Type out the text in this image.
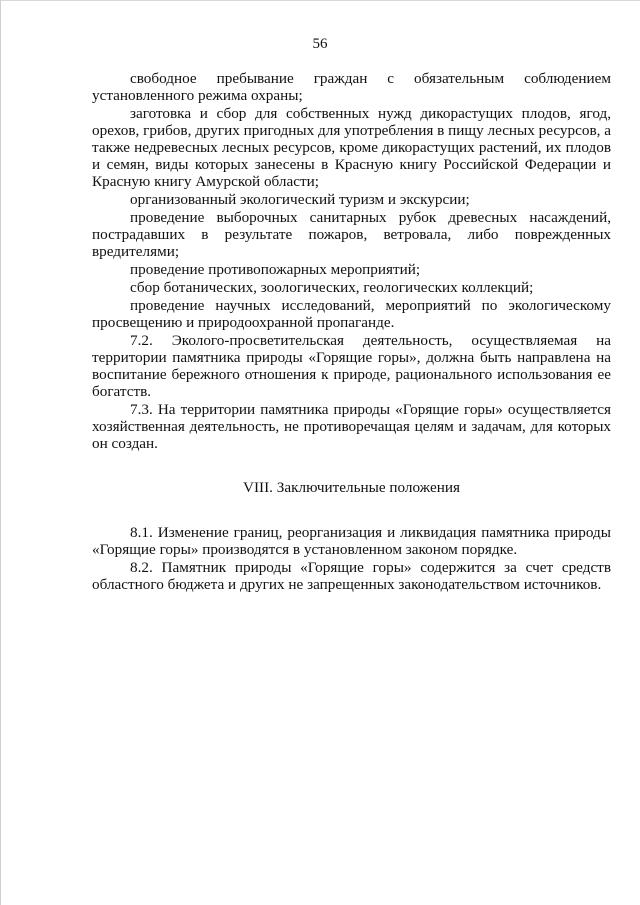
56

свободное пребывание граждан с обязательным соблюдением установленного режима охраны;

заготовка и сбор для собственных нужд дикорастущих плодов, ягод, орехов, грибов, других пригодных для употребления в пищу лесных ресурсов, а также недревесных лесных ресурсов, кроме дикорастущих растений, их плодов и семян, виды которых занесены в Красную книгу Российской Федерации и Красную книгу Амурской области;

организованный экологический туризм и экскурсии;

проведение выборочных санитарных рубок древесных насаждений, пострадавших в результате пожаров, ветровала, либо поврежденных вредителями;

проведение противопожарных мероприятий;

сбор ботанических, зоологических, геологических коллекций;

проведение научных исследований, мероприятий по экологическому просвещению и природоохранной пропаганде.

7.2. Эколого-просветительская деятельность, осуществляемая на территории памятника природы «Горящие горы», должна быть направлена на воспитание бережного отношения к природе, рационального использования ее богатств.

7.3. На территории памятника природы «Горящие горы» осуществляется хозяйственная деятельность, не противоречащая целям и задачам, для которых он создан.

VIII. Заключительные положения

8.1. Изменение границ, реорганизация и ликвидация памятника природы «Горящие горы» производятся в установленном законом порядке.

8.2. Памятник природы «Горящие горы» содержится за счет средств областного бюджета и других не запрещенных законодательством источников.
